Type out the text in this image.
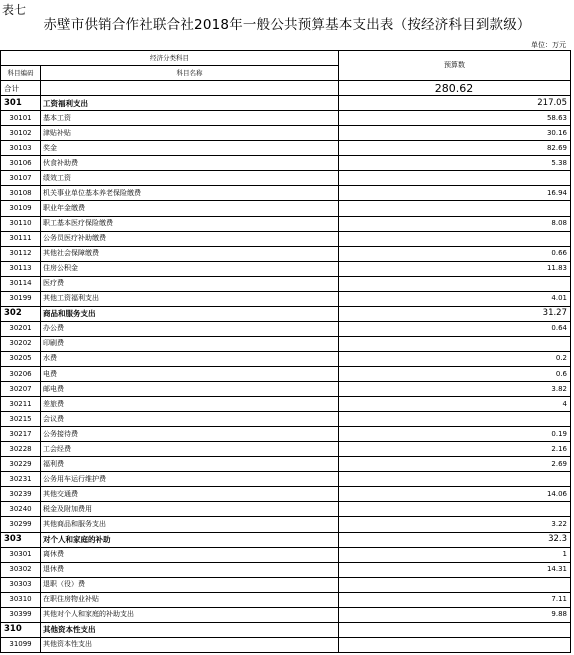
表七
赤壁市供销合作社联合社2018年一般公共预算基本支出表（按经济科目到款级）
单位：万元
经济分类科目		预算数
科目编码	科目名称	
合计		280.62
301	工资福利支出	217.05
30101	基本工资	58.63
30102	津贴补贴	30.16
30103	奖金	82.69
30106	伙食补助费	5.38
30107	绩效工资	
30108	机关事业单位基本养老保险缴费	16.94
30109	职业年金缴费	
30110	职工基本医疗保险缴费	8.08
30111	公务员医疗补助缴费	
30112	其他社会保障缴费	0.66
30113	住房公积金	11.83
30114	医疗费	
30199	其他工资福利支出	4.01
302	商品和服务支出	31.27
30201	办公费	0.64
30202	印刷费	
30205	水费	0.2
30206	电费	0.6
30207	邮电费	3.82
30211	差旅费	4
30215	会议费	
30217	公务接待费	0.19
30228	工会经费	2.16
30229	福利费	2.69
30231	公务用车运行维护费	
30239	其他交通费	14.06
30240	税金及附加费用	
30299	其他商品和服务支出	3.22
303	对个人和家庭的补助	32.3
30301	离休费	1
30302	退休费	14.31
30303	退职（役）费	
30310	在职住房物业补贴	7.11
30399	其他对个人和家庭的补助支出	9.88
310	其他资本性支出	
31099	其他资本性支出	
